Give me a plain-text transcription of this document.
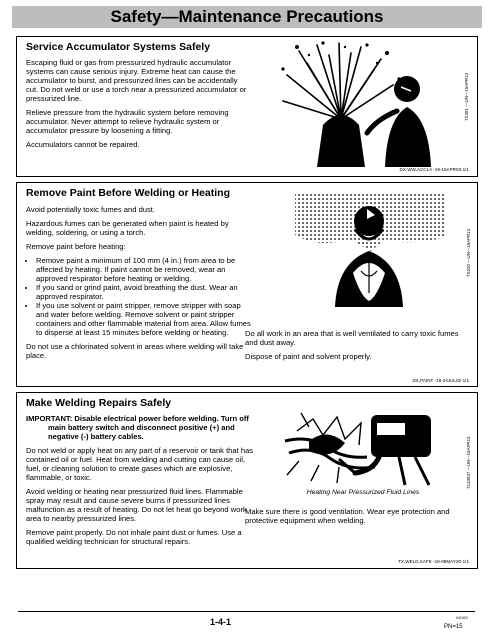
Safety—Maintenance Precautions
Service Accumulator Systems Safely

Escaping fluid or gas from pressurized hydraulic accumulator systems can cause serious injury. Extreme heat can cause the accumulator to burst, and pressurized lines can be accidentally cut. Do not weld or use a torch near a pressurized accumulator or pressurized line.

Relieve pressure from the hydraulic system before removing accumulator. Never attempt to relieve hydraulic system or accumulator pressure by loosening a fitting.

Accumulators cannot be repaired.

TS281 —UN—15APR13
DX,WW,ACCLA -19-15APR03-1/1
Remove Paint Before Welding or Heating

Avoid potentially toxic fumes and dust.

Hazardous fumes can be generated when paint is heated by welding, soldering, or using a torch.

Remove paint before heating:

• Remove paint a minimum of 100 mm (4 in.) from area to be affected by heating. If paint cannot be removed, wear an approved respirator before heating or welding.
• If you sand or grind paint, avoid breathing the dust. Wear an approved respirator.
• If you use solvent or paint stripper, remove stripper with soap and water before welding. Remove solvent or paint stripper containers and other flammable material from area. Allow fumes to disperse at least 15 minutes before welding or heating.

Do not use a chlorinated solvent in areas where welding will take place.

TS220 —UN—15APR13

Do all work in an area that is well ventilated to carry toxic fumes and dust away.

Dispose of paint and solvent properly.

DX,PAINT -19-24JUL02-1/1
Make Welding Repairs Safely

IMPORTANT: Disable electrical power before welding. Turn off main battery switch and disconnect positive (+) and negative (-) battery cables.

Do not weld or apply heat on any part of a reservoir or tank that has contained oil or fuel. Heat from welding and cutting can cause oil, fuel, or cleaning solution to create gases which are explosive, flammable, or toxic.

Avoid welding or heating near pressurized fluid lines. Flammable spray may result and cause severe burns if pressurized lines malfunction as a result of heating. Do not let heat go beyond work area to nearby pressurized lines.

Remove paint properly. Do not inhale paint dust or fumes. Use a qualified welding technician for structural repairs.

Heating Near Pressurized Fluid Lines
T133547 —UN—15APR13

Make sure there is good ventilation. Wear eye protection and protective equipment when welding.

TX,WELD,SAFE -19-08MAY20-1/1
1-4-1	041920
PN=15
